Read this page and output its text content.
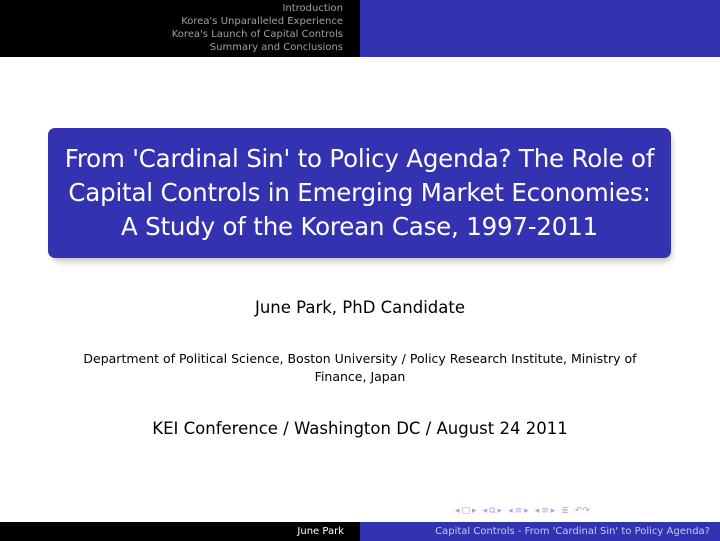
Introduction
Korea's Unparalleled Experience
Korea's Launch of Capital Controls
Summary and Conclusions
From 'Cardinal Sin' to Policy Agenda? The Role of Capital Controls in Emerging Market Economies: A Study of the Korean Case, 1997-2011
June Park, PhD Candidate
Department of Political Science, Boston University / Policy Research Institute, Ministry of Finance, Japan
KEI Conference / Washington DC / August 24 2011
◂ □ ▸ ◂ ⧉ ▸ ◂ ≡ ▸ ◂ ≡ ▸ ≣ ↶↷
June Park	Capital Controls - From 'Cardinal Sin' to Policy Agenda?
